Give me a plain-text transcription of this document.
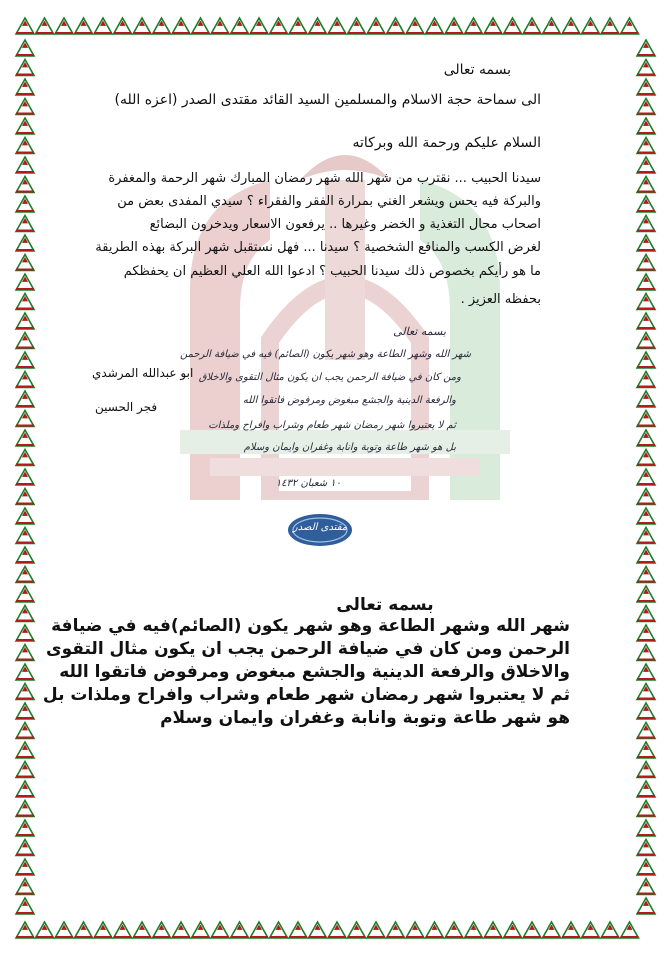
بسمه تعالى
الى سماحة حجة الاسلام والمسلمين السيد القائد مقتدى الصدر (اعزه الله)
السلام عليكم ورحمة الله وبركاته
سيدنا الحبيب ... نقترب من شهر الله شهر رمضان المبارك شهر الرحمة والمغفرة
والبركة فيه يحس ويشعر الغني بمرارة الفقر والفقراء ؟ سيدي المفدى بعض من
اصحاب محال التغذية و الخضر وغيرها .. يرفعون الاسعار ويدخرون البضائع
لغرض الكسب والمنافع الشخصية ؟ سيدنا ... فهل نستقبل شهر البركة بهذه الطريقة
ما هو رأيكم بخصوص ذلك سيدنا الحبيب ؟ ادعوا الله العلي العظيم ان يحفظكم
بحفظه العزيز .
ابو عبدالله المرشدي
فجر الحسين
بسمه تعالى
شهر الله وشهر الطاعة وهو شهر يكون (الصائم) فيه في ضيافة الرحمن
ومن كان في ضيافة الرحمن يجب ان يكون مثال التقوى والاخلاق
والرفعة الدينية والجشع مبغوض ومرفوض فاتقوا الله
ثم لا يعتبروا شهر رمضان شهر طعام وشراب وافراح وملذات
بل هو شهر طاعة وتوبة وانابة وغفران وايمان وسلام
١٠ شعبان ١٤٣٢
مقتدى الصدر
بسمه تعالى
شهر الله وشهر الطاعة وهو شهر يكون (الصائم)فيه في ضيافة
الرحمن ومن كان في ضيافة الرحمن يجب ان يكون مثال التقوى
والاخلاق والرفعة الدينية والجشع مبغوض ومرفوض فاتقوا الله
ثم لا يعتبروا شهر رمضان شهر طعام وشراب وافراح وملذات بل
هو شهر طاعة وتوبة وانابة وغفران وايمان وسلام
